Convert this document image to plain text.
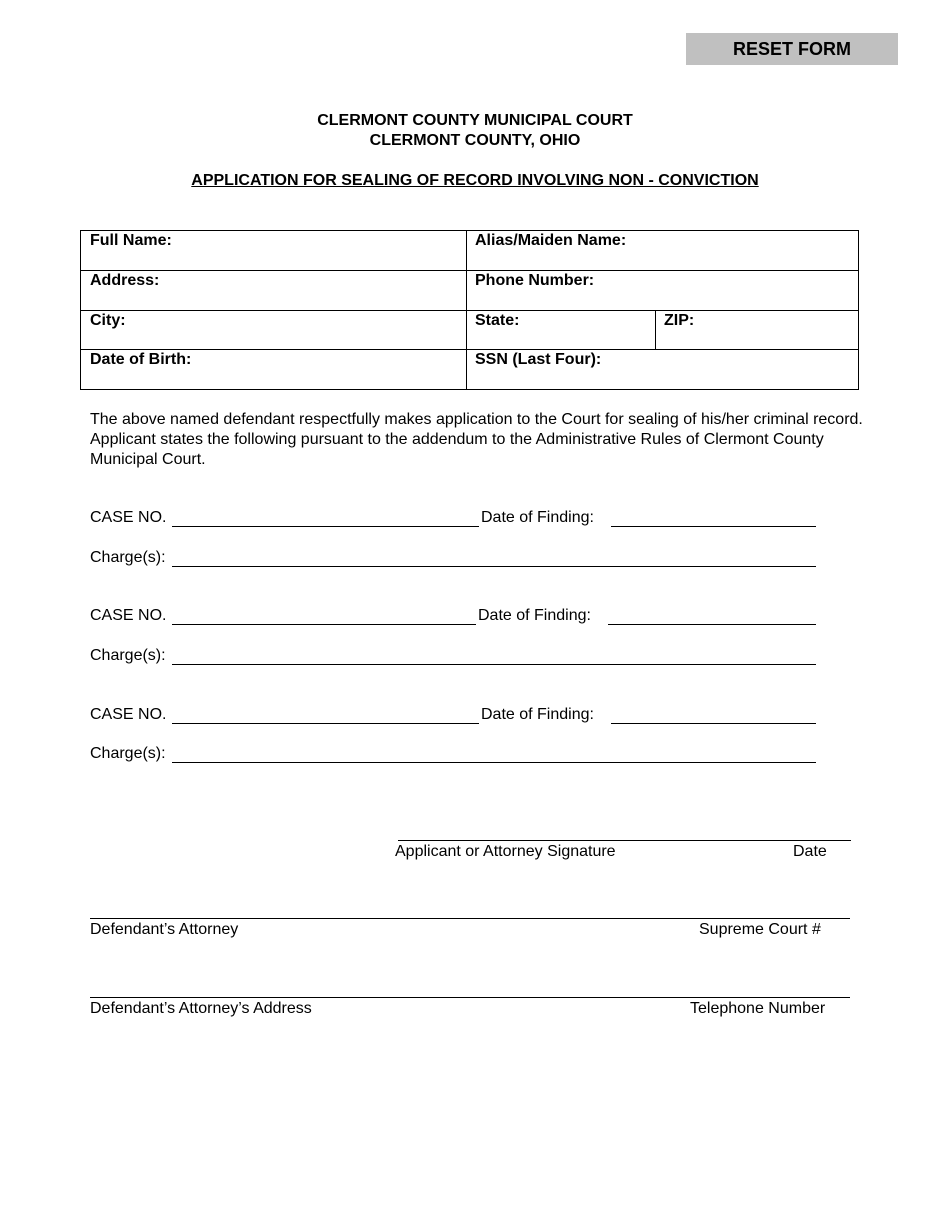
RESET FORM
CLERMONT COUNTY MUNICIPAL COURT
CLERMONT COUNTY, OHIO
APPLICATION FOR SEALING OF RECORD INVOLVING NON - CONVICTION
Full Name:	Alias/Maiden Name:
Address:	Phone Number:
City:	State:	ZIP:
Date of Birth:	SSN (Last Four):
The above named defendant respectfully makes application to the Court for sealing of his/her criminal record. Applicant states the following pursuant to the addendum to the Administrative Rules of Clermont County Municipal Court.
CASE NO.	Date of Finding:
Charge(s):
CASE NO.	Date of Finding:
Charge(s):
CASE NO.	Date of Finding:
Charge(s):
Applicant or Attorney Signature	Date
Defendant’s Attorney	Supreme Court #
Defendant’s Attorney’s Address	Telephone Number
